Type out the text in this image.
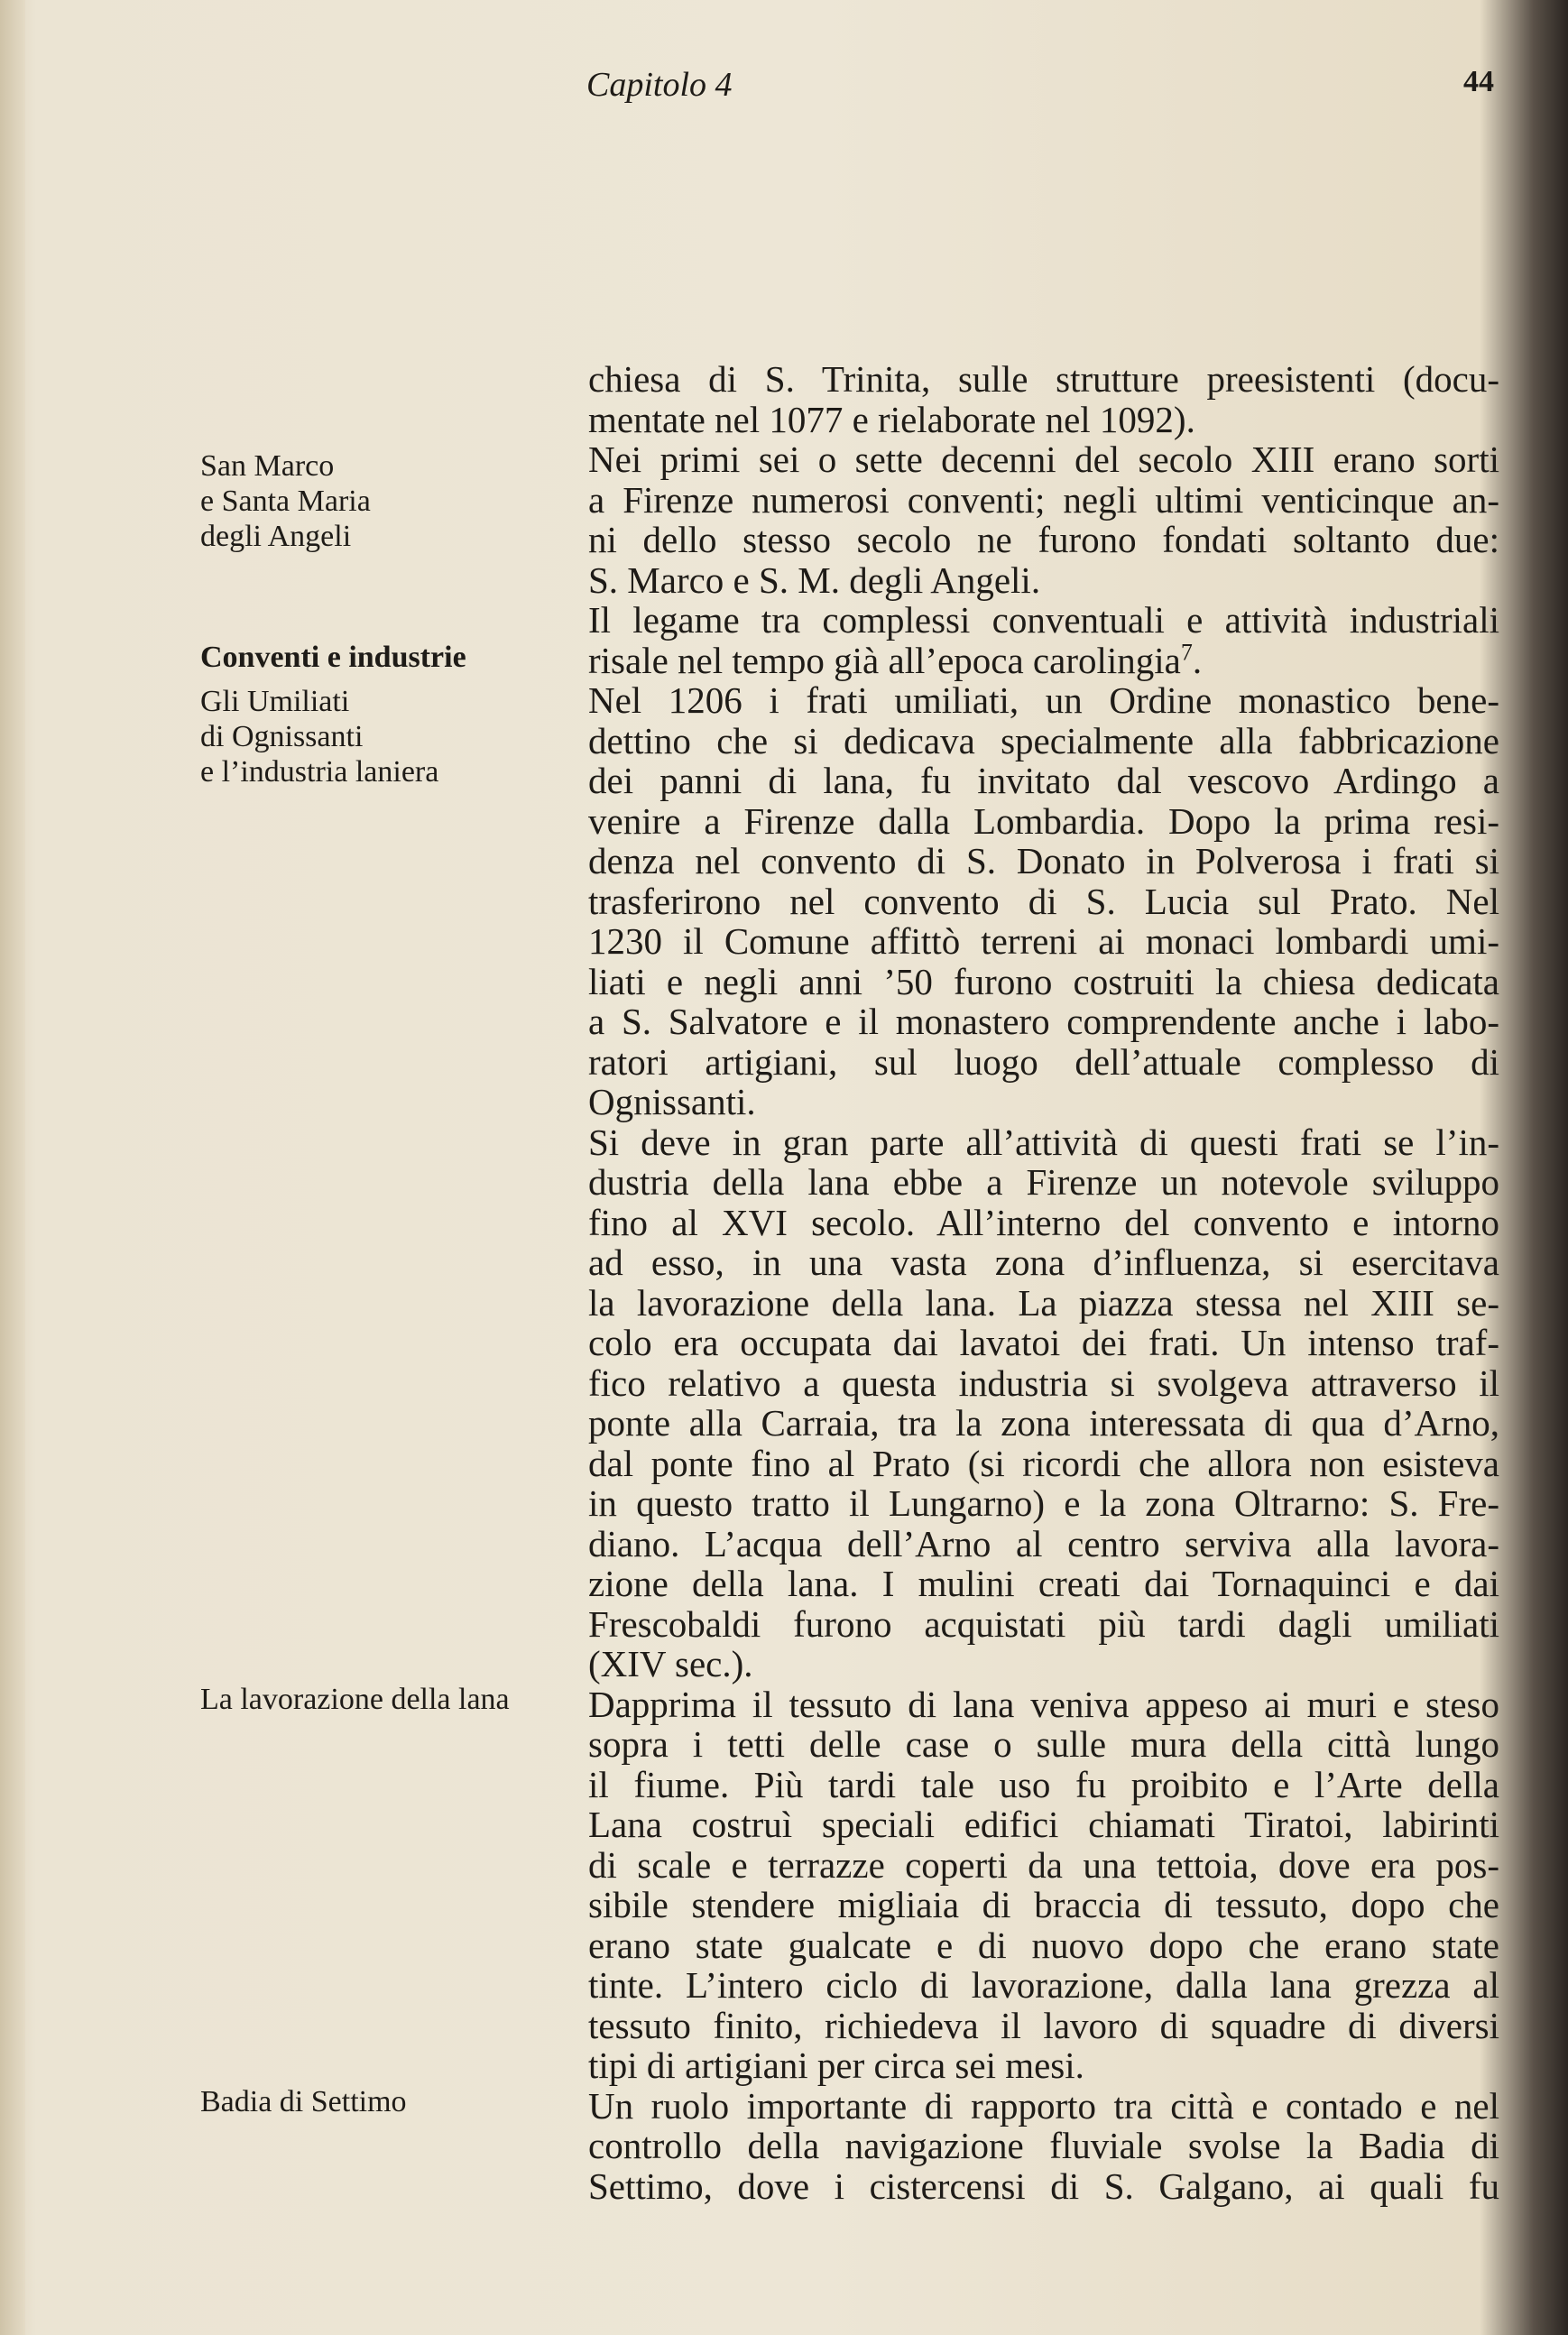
Capitolo 4	44
San Marco
e Santa Maria
degli Angeli
Conventi e industrie
Gli Umiliati
di Ognissanti
e l’industria laniera
La lavorazione della lana
Badia di Settimo
chiesa di S. Trinita, sulle strutture preesistenti (docu-
mentate nel 1077 e rielaborate nel 1092).
Nei primi sei o sette decenni del secolo XIII erano sorti
a Firenze numerosi conventi; negli ultimi venticinque an-
ni dello stesso secolo ne furono fondati soltanto due:
S. Marco e S. M. degli Angeli.
Il legame tra complessi conventuali e attività industriali
risale nel tempo già all’epoca carolingia$^7$.
Nel 1206 i frati umiliati, un Ordine monastico bene-
dettino che si dedicava specialmente alla fabbricazione
dei panni di lana, fu invitato dal vescovo Ardingo a
venire a Firenze dalla Lombardia. Dopo la prima resi-
denza nel convento di S. Donato in Polverosa i frati si
trasferirono nel convento di S. Lucia sul Prato. Nel
1230 il Comune affittò terreni ai monaci lombardi umi-
liati e negli anni ’50 furono costruiti la chiesa dedicata
a S. Salvatore e il monastero comprendente anche i labo-
ratori artigiani, sul luogo dell’attuale complesso di
Ognissanti.
Si deve in gran parte all’attività di questi frati se l’in-
dustria della lana ebbe a Firenze un notevole sviluppo
fino al XVI secolo. All’interno del convento e intorno
ad esso, in una vasta zona d’influenza, si esercitava
la lavorazione della lana. La piazza stessa nel XIII se-
colo era occupata dai lavatoi dei frati. Un intenso traf-
fico relativo a questa industria si svolgeva attraverso il
ponte alla Carraia, tra la zona interessata di qua d’Arno,
dal ponte fino al Prato (si ricordi che allora non esisteva
in questo tratto il Lungarno) e la zona Oltrarno: S. Fre-
diano. L’acqua dell’Arno al centro serviva alla lavora-
zione della lana. I mulini creati dai Tornaquinci e dai
Frescobaldi furono acquistati più tardi dagli umiliati
(XIV sec.).
Dapprima il tessuto di lana veniva appeso ai muri e steso
sopra i tetti delle case o sulle mura della città lungo
il fiume. Più tardi tale uso fu proibito e l’Arte della
Lana costruì speciali edifici chiamati Tiratoi, labirinti
di scale e terrazze coperti da una tettoia, dove era pos-
sibile stendere migliaia di braccia di tessuto, dopo che
erano state gualcate e di nuovo dopo che erano state
tinte. L’intero ciclo di lavorazione, dalla lana grezza al
tessuto finito, richiedeva il lavoro di squadre di diversi
tipi di artigiani per circa sei mesi.
Un ruolo importante di rapporto tra città e contado e nel
controllo della navigazione fluviale svolse la Badia di
Settimo, dove i cistercensi di S. Galgano, ai quali fu
